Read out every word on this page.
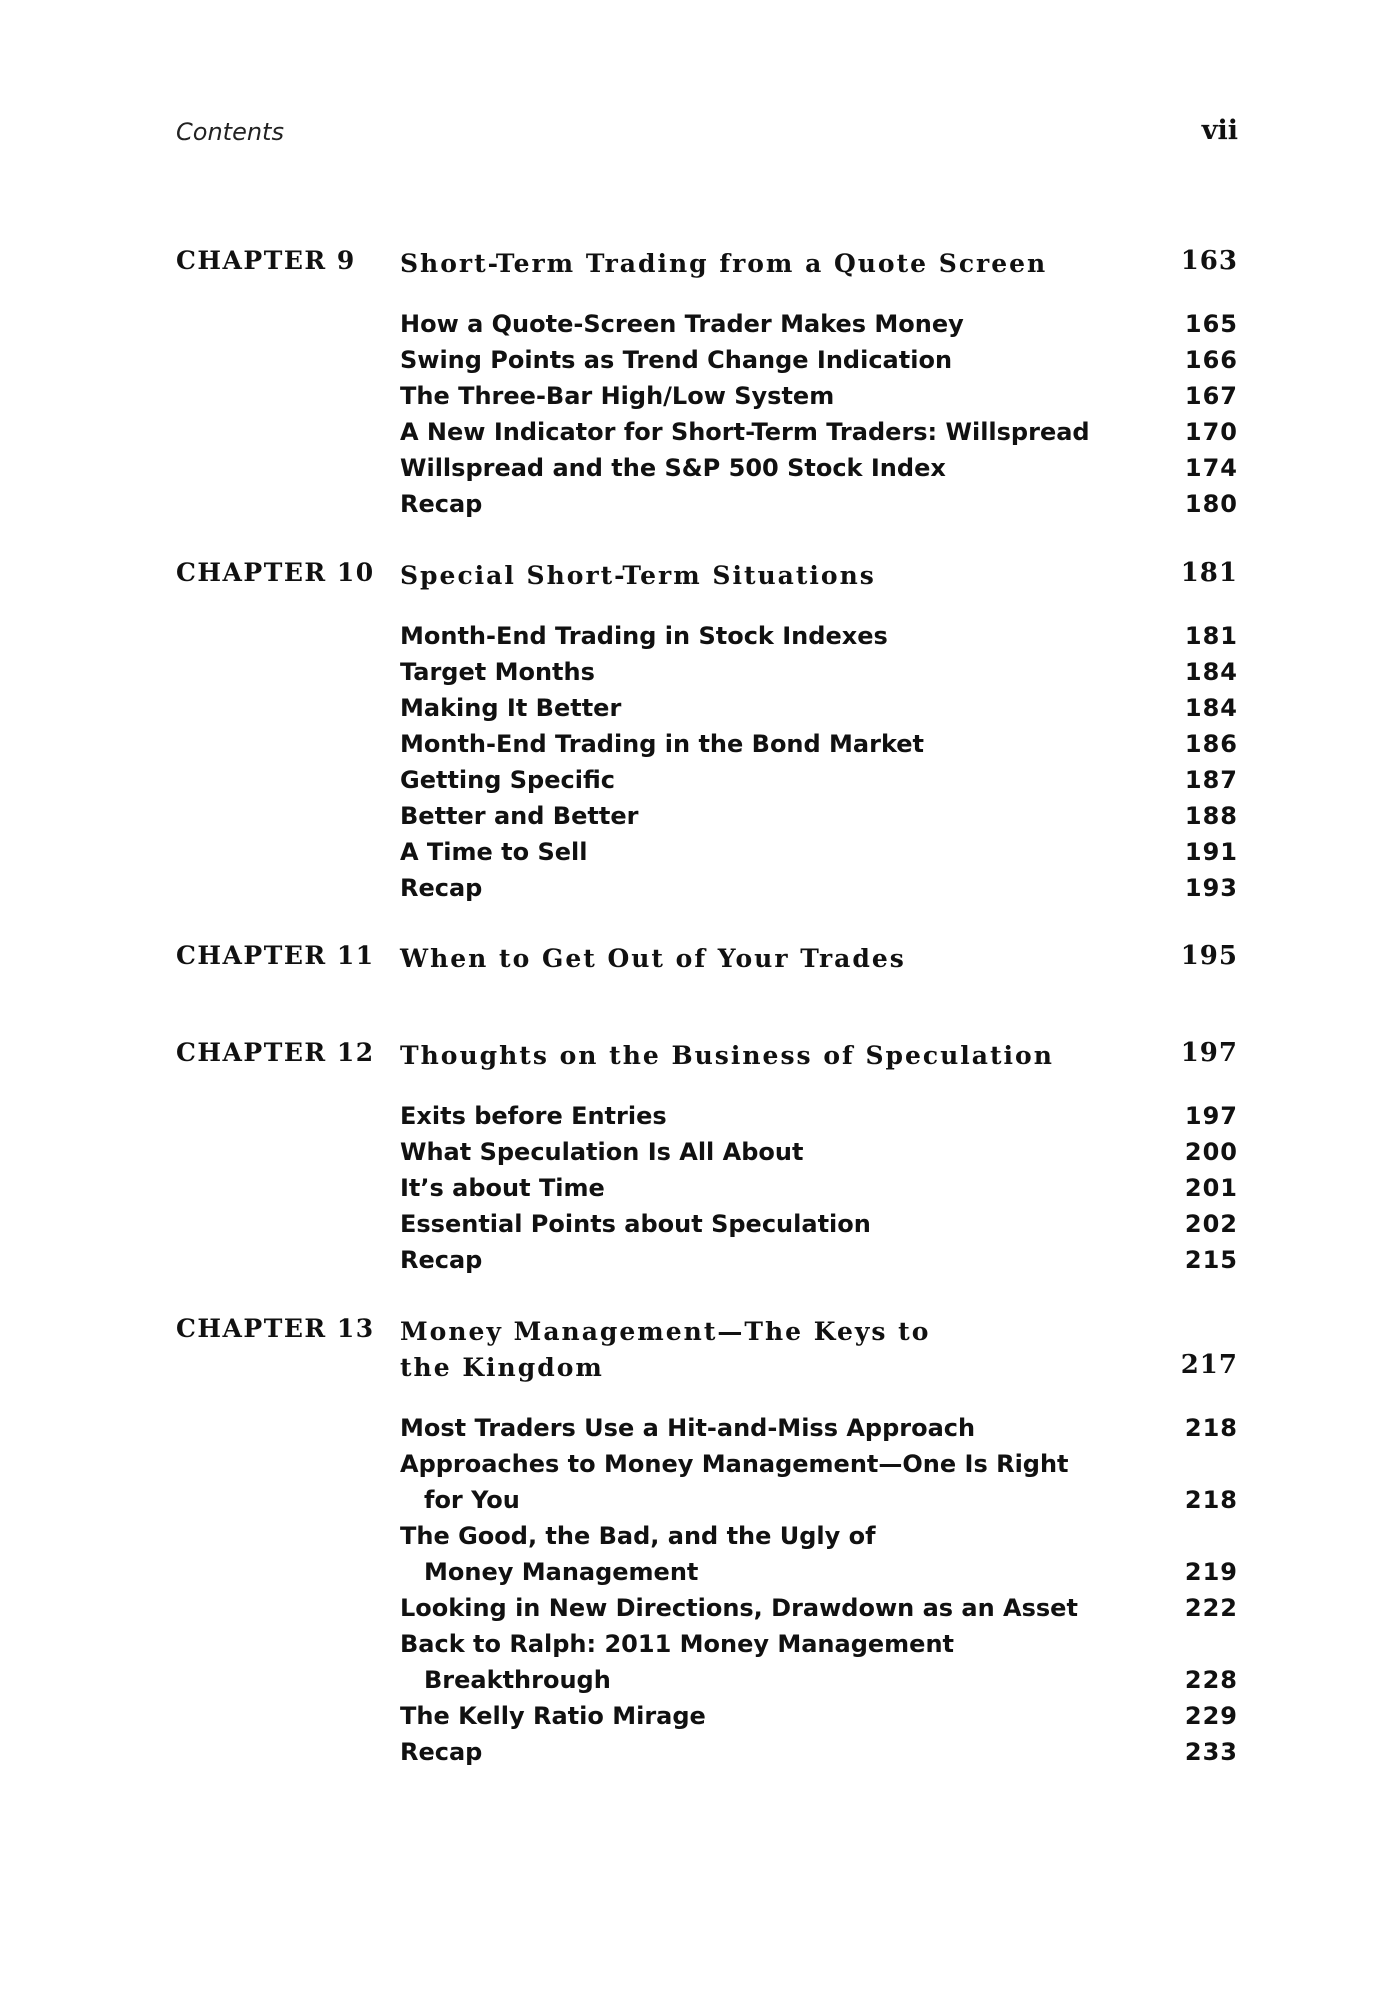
Contents	vii
CHAPTER 9 Short-Term Trading from a Quote Screen	163
How a Quote-Screen Trader Makes Money	165
Swing Points as Trend Change Indication	166
The Three-Bar High/Low System	167
A New Indicator for Short-Term Traders: Willspread	170
Willspread and the S&P 500 Stock Index	174
Recap	180
CHAPTER 10 Special Short-Term Situations	181
Month-End Trading in Stock Indexes	181
Target Months	184
Making It Better	184
Month-End Trading in the Bond Market	186
Getting Specific	187
Better and Better	188
A Time to Sell	191
Recap	193
CHAPTER 11 When to Get Out of Your Trades	195
CHAPTER 12 Thoughts on the Business of Speculation	197
Exits before Entries	197
What Speculation Is All About	200
It’s about Time	201
Essential Points about Speculation	202
Recap	215
CHAPTER 13 Money Management—The Keys to
the Kingdom	217
Most Traders Use a Hit-and-Miss Approach	218
Approaches to Money Management—One Is Right
for You	218
The Good, the Bad, and the Ugly of
Money Management	219
Looking in New Directions, Drawdown as an Asset	222
Back to Ralph: 2011 Money Management
Breakthrough	228
The Kelly Ratio Mirage	229
Recap	233
